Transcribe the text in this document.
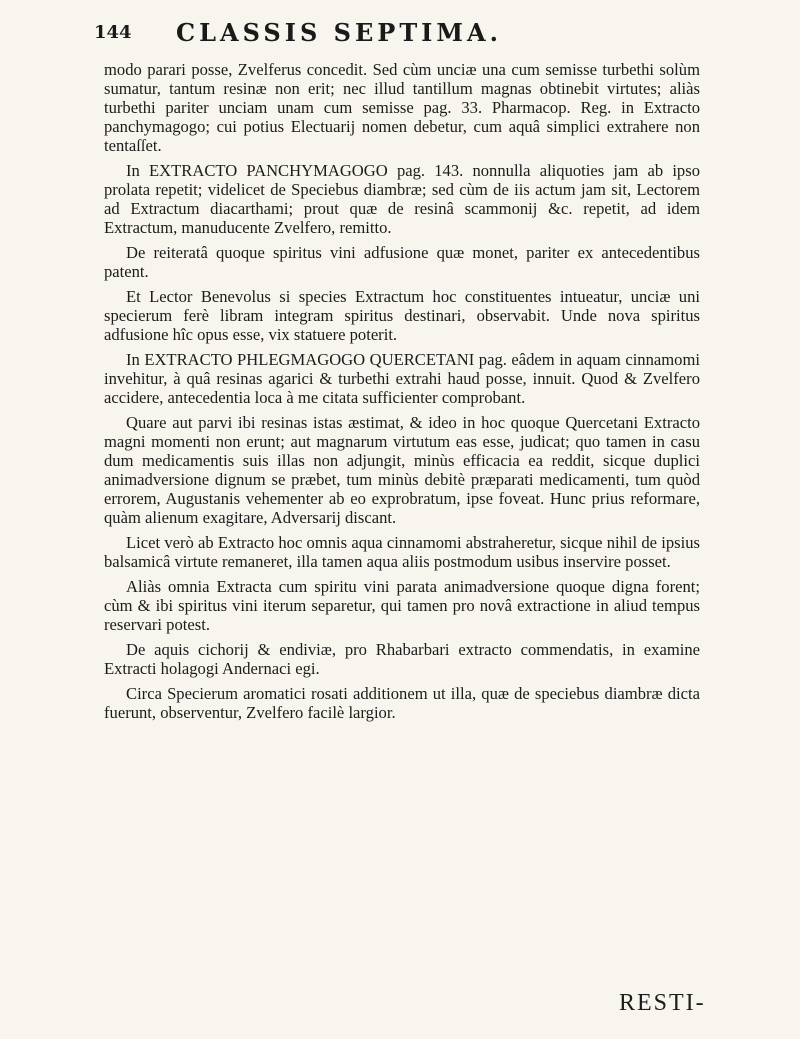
144 CLASSIS SEPTIMA.

modo parari posse, Zvelferus concedit. Sed cùm unciæ una cum semisse turbethi solùm sumatur, tantum resinæ non erit; nec illud tantillum magnas obtinebit virtutes; aliàs turbethi pariter unciam unam cum semisse pag. 33. Pharmacop. Reg. in Extracto panchymagogo; cui potius Electuarij nomen debetur, cum aquâ simplici extrahere non tentaſſet.

In EXTRACTO PANCHYMAGOGO pag. 143. nonnulla aliquoties jam ab ipso prolata repetit; videlicet de Speciebus diambræ; sed cùm de iis actum jam sit, Lectorem ad Extractum diacarthami; prout quæ de resinâ scammonij &c. repetit, ad idem Extractum, manuducente Zvelfero, remitto.

De reiteratâ quoque spiritus vini adfusione quæ monet, pariter ex antecedentibus patent.

Et Lector Benevolus si species Extractum hoc constituentes intueatur, unciæ uni specierum ferè libram integram spiritus destinari, observabit. Unde nova spiritus adfusione hîc opus esse, vix statuere poterit.

In EXTRACTO PHLEGMAGOGO QUERCETANI pag. eâdem in aquam cinnamomi invehitur, à quâ resinas agarici & turbethi extrahi haud posse, innuit. Quod & Zvelfero accidere, antecedentia loca à me citata sufficienter comprobant.

Quare aut parvi ibi resinas istas æstimat, & ideo in hoc quoque Quercetani Extracto magni momenti non erunt; aut magnarum virtutum eas esse, judicat; quo tamen in casu dum medicamentis suis illas non adjungit, minùs efficacia ea reddit, sicque duplici animadversione dignum se præbet, tum minùs debitè præparati medicamenti, tum quòd errorem, Augustanis vehementer ab eo exprobratum, ipse foveat. Hunc prius reformare, quàm alienum exagitare, Adversarij discant.

Licet verò ab Extracto hoc omnis aqua cinnamomi abstraheretur, sicque nihil de ipsius balsamicâ virtute remaneret, illa tamen aqua aliis postmodum usibus inservire posset.

Aliàs omnia Extracta cum spiritu vini parata animadversione quoque digna forent; cùm & ibi spiritus vini iterum separetur, qui tamen pro novâ extractione in aliud tempus reservari potest.

De aquis cichorij & endiviæ, pro Rhabarbari extracto commendatis, in examine Extracti holagogi Andernaci egi.

Circa Specierum aromatici rosati additionem ut illa, quæ de speciebus diambræ dicta fuerunt, observentur, Zvelfero facilè largior.

RESTI-
